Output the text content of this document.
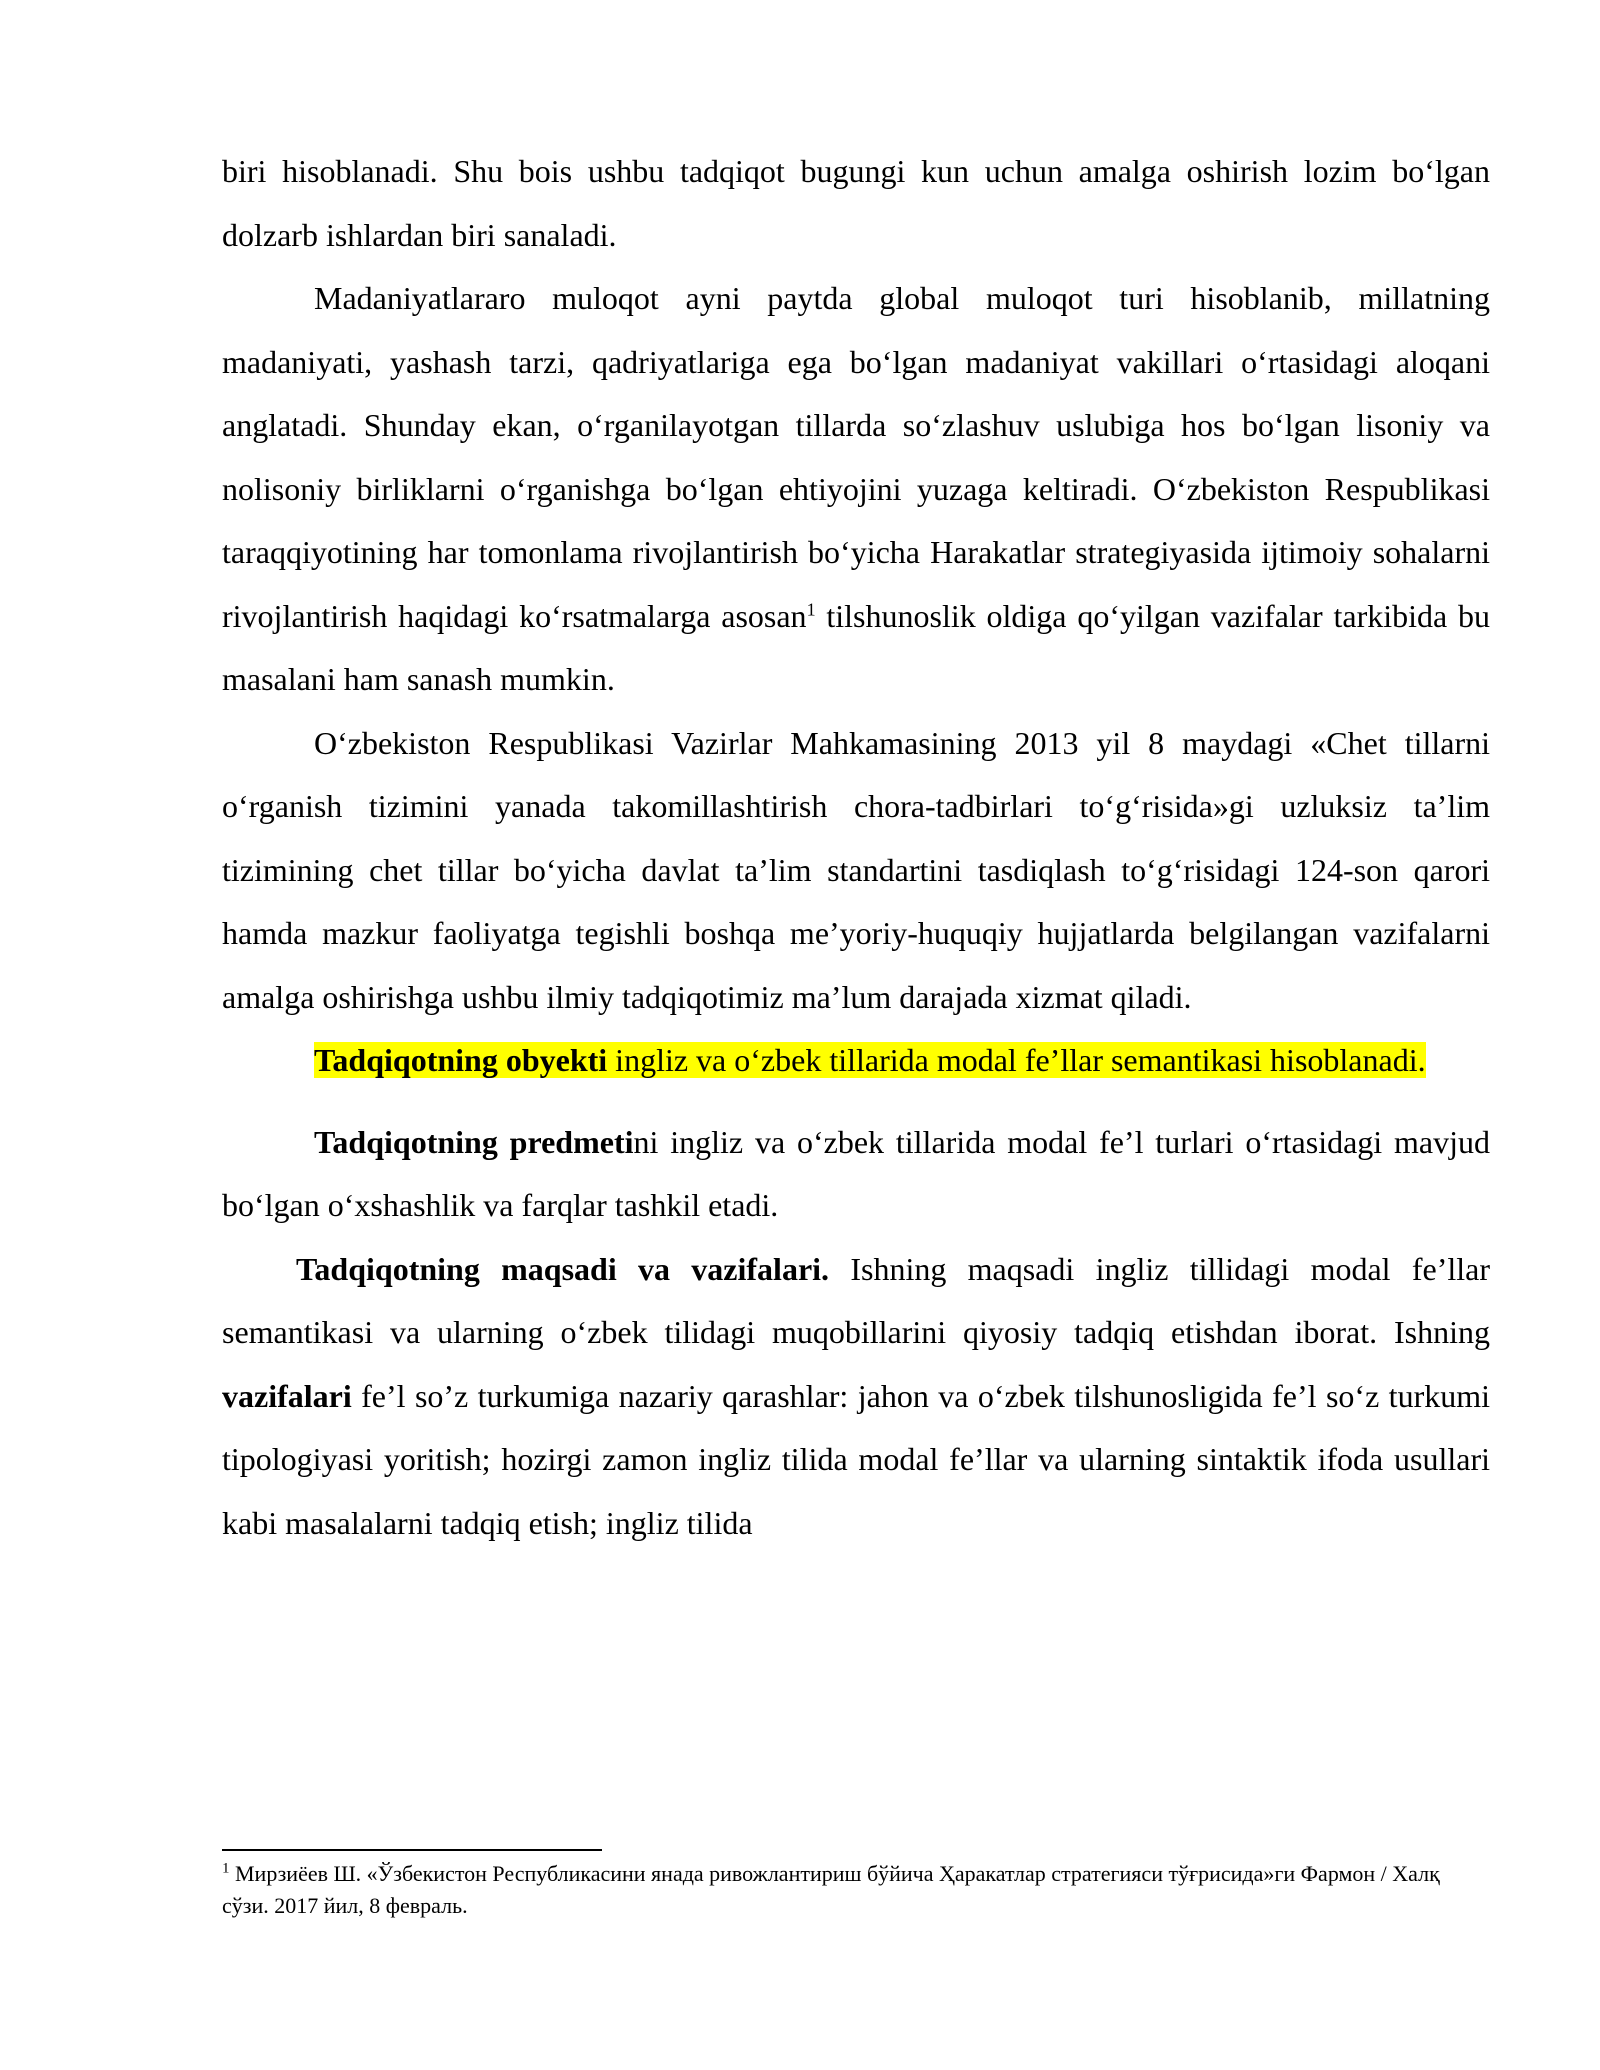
biri hisoblanadi. Shu bois ushbu tadqiqot bugungi kun uchun amalga oshirish lozim bo‘lgan dolzarb ishlardan biri sanaladi.

Madaniyatlararo muloqot ayni paytda global muloqot turi hisoblanib, millatning madaniyati, yashash tarzi, qadriyatlariga ega bo‘lgan madaniyat vakillari o‘rtasidagi aloqani anglatadi. Shunday ekan, o‘rganilayotgan tillarda so‘zlashuv uslubiga hos bo‘lgan lisoniy va nolisoniy birliklarni o‘rganishga bo‘lgan ehtiyojini yuzaga keltiradi. O‘zbekiston Respublikasi taraqqiyotining har tomonlama rivojlantirish bo‘yicha Harakatlar strategiyasida ijtimoiy sohalarni rivojlantirish haqidagi ko‘rsatmalarga asosan$^1$ tilshunoslik oldiga qo‘yilgan vazifalar tarkibida bu masalani ham sanash mumkin.

O‘zbekiston Respublikasi Vazirlar Mahkamasining 2013 yil 8 maydagi «Chet tillarni o‘rganish tizimini yanada takomillashtirish chora-tadbirlari to‘g‘risida»gi uzluksiz ta’lim tizimining chet tillar bo‘yicha davlat ta’lim standartini tasdiqlash to‘g‘risidagi 124-son qarori hamda mazkur faoliyatga tegishli boshqa me’yoriy-huquqiy hujjatlarda belgilangan vazifalarni amalga oshirishga ushbu ilmiy tadqiqotimiz ma’lum darajada xizmat qiladi.

Tadqiqotning obyekti ingliz va o‘zbek tillarida modal fe’llar semantikasi hisoblanadi.

Tadqiqotning predmetini ingliz va o‘zbek tillarida modal fe’l turlari o‘rtasidagi mavjud bo‘lgan o‘xshashlik va farqlar tashkil etadi.

Tadqiqotning maqsadi va vazifalari. Ishning maqsadi ingliz tillidagi modal fe’llar semantikasi va ularning o‘zbek tilidagi muqobillarini qiyosiy tadqiq etishdan iborat. Ishning vazifalari fe’l so’z turkumiga nazariy qarashlar: jahon va o‘zbek tilshunosligida fe’l so‘z turkumi tipologiyasi yoritish; hozirgi zamon ingliz tilida modal fe’llar va ularning sintaktik ifoda usullari kabi masalalarni tadqiq etish; ingliz tilida

$^1$ Мирзиёев Ш. «Ўзбекистон Республикасини янада ривожлантириш бўйича Ҳаракатлар стратегияси тўғрисида»ги Фармон / Халқ сўзи. 2017 йил, 8 февраль.
